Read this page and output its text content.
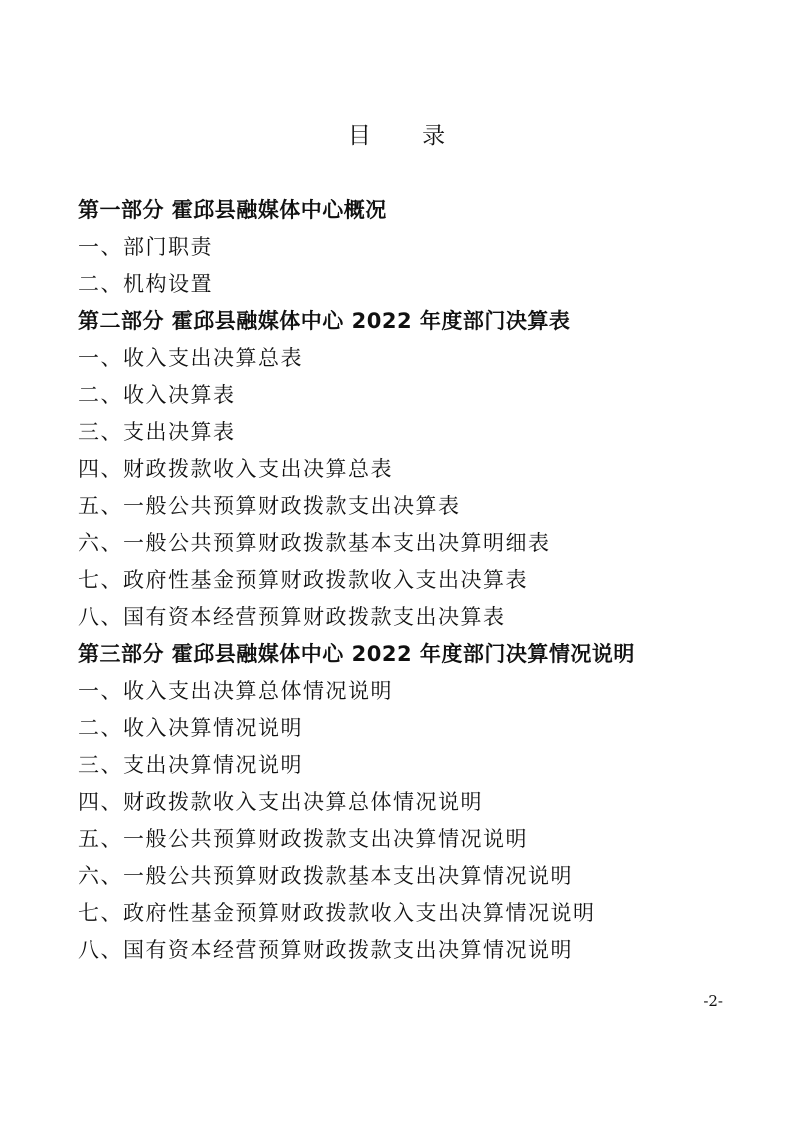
目 录
第一部分 霍邱县融媒体中心概况
一、部门职责
二、机构设置
第二部分 霍邱县融媒体中心 2022 年度部门决算表
一、收入支出决算总表
二、收入决算表
三、支出决算表
四、财政拨款收入支出决算总表
五、一般公共预算财政拨款支出决算表
六、一般公共预算财政拨款基本支出决算明细表
七、政府性基金预算财政拨款收入支出决算表
八、国有资本经营预算财政拨款支出决算表
第三部分 霍邱县融媒体中心 2022 年度部门决算情况说明
一、收入支出决算总体情况说明
二、收入决算情况说明
三、支出决算情况说明
四、财政拨款收入支出决算总体情况说明
五、一般公共预算财政拨款支出决算情况说明
六、一般公共预算财政拨款基本支出决算情况说明
七、政府性基金预算财政拨款收入支出决算情况说明
八、国有资本经营预算财政拨款支出决算情况说明
-2-
